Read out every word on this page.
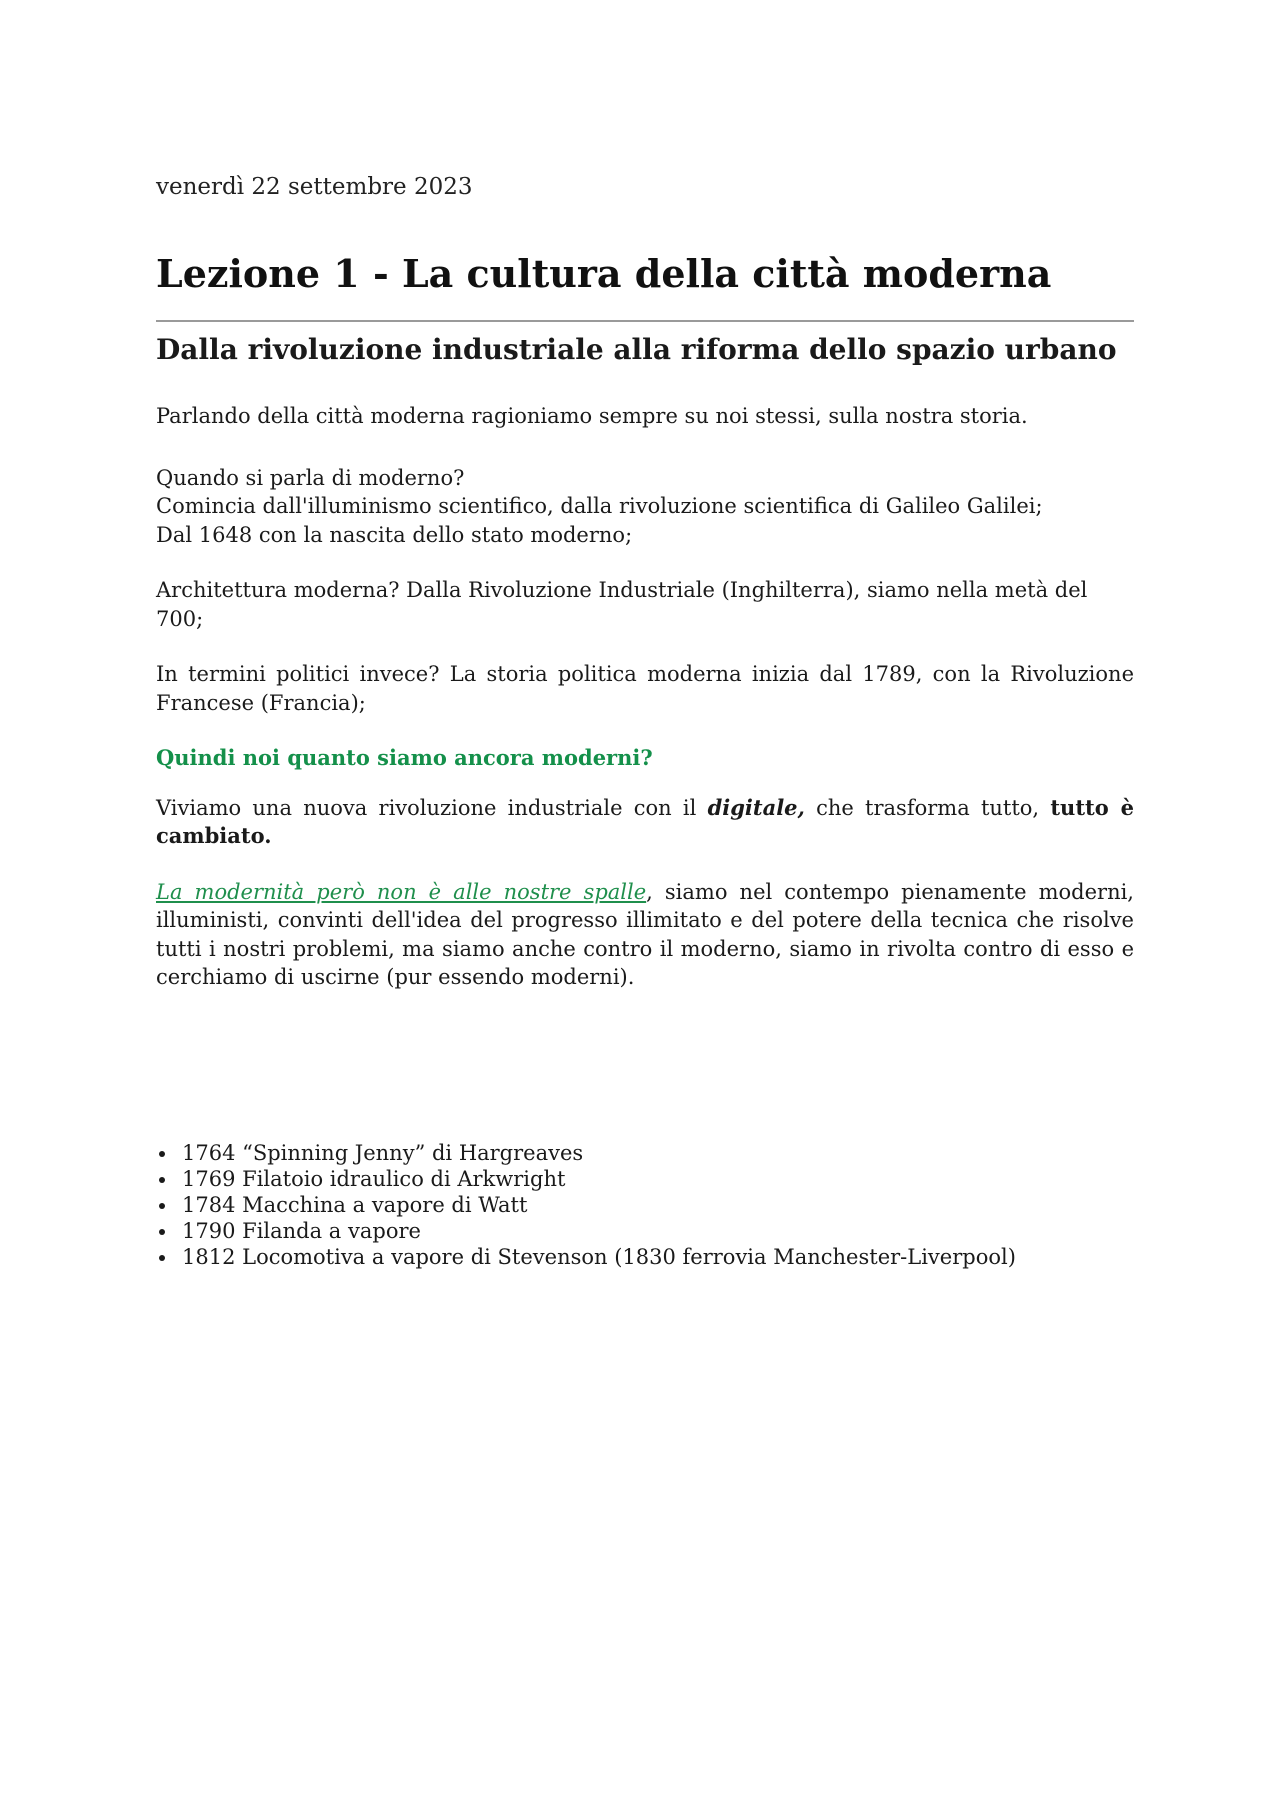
venerdì 22 settembre 2023

Lezione 1 - La cultura della città moderna
Dalla rivoluzione industriale alla riforma dello spazio urbano

Parlando della città moderna ragioniamo sempre su noi stessi, sulla nostra storia.

Quando si parla di moderno?

Comincia dall'illuminismo scientifico, dalla rivoluzione scientifica di Galileo Galilei;

Dal 1648 con la nascita dello stato moderno;

Architettura moderna? Dalla Rivoluzione Industriale (Inghilterra), siamo nella metà del 700;

In termini politici invece? La storia politica moderna inizia dal 1789, con la Rivoluzione Francese (Francia);

Quindi noi quanto siamo ancora moderni?

Viviamo una nuova rivoluzione industriale con il digitale, che trasforma tutto, tutto è cambiato.

La modernità però non è alle nostre spalle, siamo nel contempo pienamente moderni, illuministi, convinti dell'idea del progresso illimitato e del potere della tecnica che risolve tutti i nostri problemi, ma siamo anche contro il moderno, siamo in rivolta contro di esso e cerchiamo di uscirne (pur essendo moderni).

1764 “Spinning Jenny” di Hargreaves
1769 Filatoio idraulico di Arkwright
1784 Macchina a vapore di Watt
1790 Filanda a vapore
1812 Locomotiva a vapore di Stevenson (1830 ferrovia Manchester-Liverpool)
